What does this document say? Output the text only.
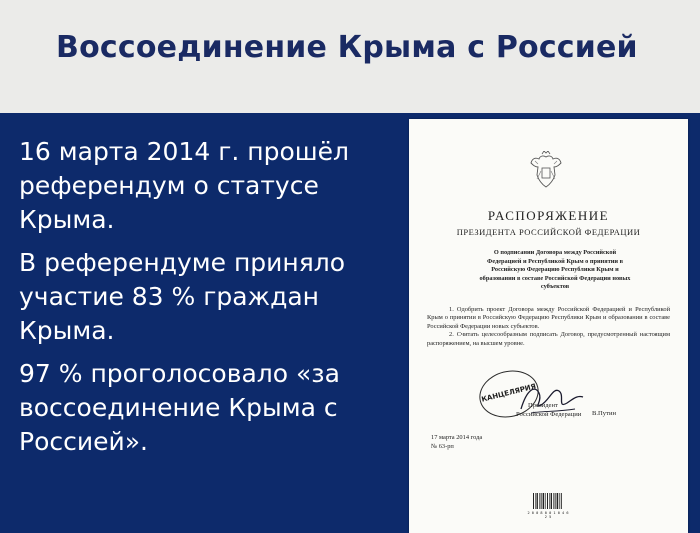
Воссоединение Крыма с Россией

16 марта 2014 г. прошёл референдум о статусе Крыма.

В референдуме приняло участие 83 % граждан Крыма.

97 % проголосовало «за воссоединение Крыма с Россией».

РАСПОРЯЖЕНИЕ
ПРЕЗИДЕНТА РОССИЙСКОЙ ФЕДЕРАЦИИ
О подписании Договора между Российской Федерацией и Республикой Крым о принятии в Российскую Федерацию Республики Крым и образовании в составе Российской Федерации новых субъектов

1. Одобрить проект Договора между Российской Федерацией и Республикой Крым о принятии в Российскую Федерацию Республики Крым и образовании в составе Российской Федерации новых субъектов.

2. Считать целесообразным подписать Договор, предусмотренный настоящим распоряжением, на высшем уровне.

КАНЦЕЛЯРИЯ
Президент
Российской Федерации В.Путин
17 марта 2014 года
№ 63-рп
2 0 0 8 0 0 1 0 4 6 2 5
